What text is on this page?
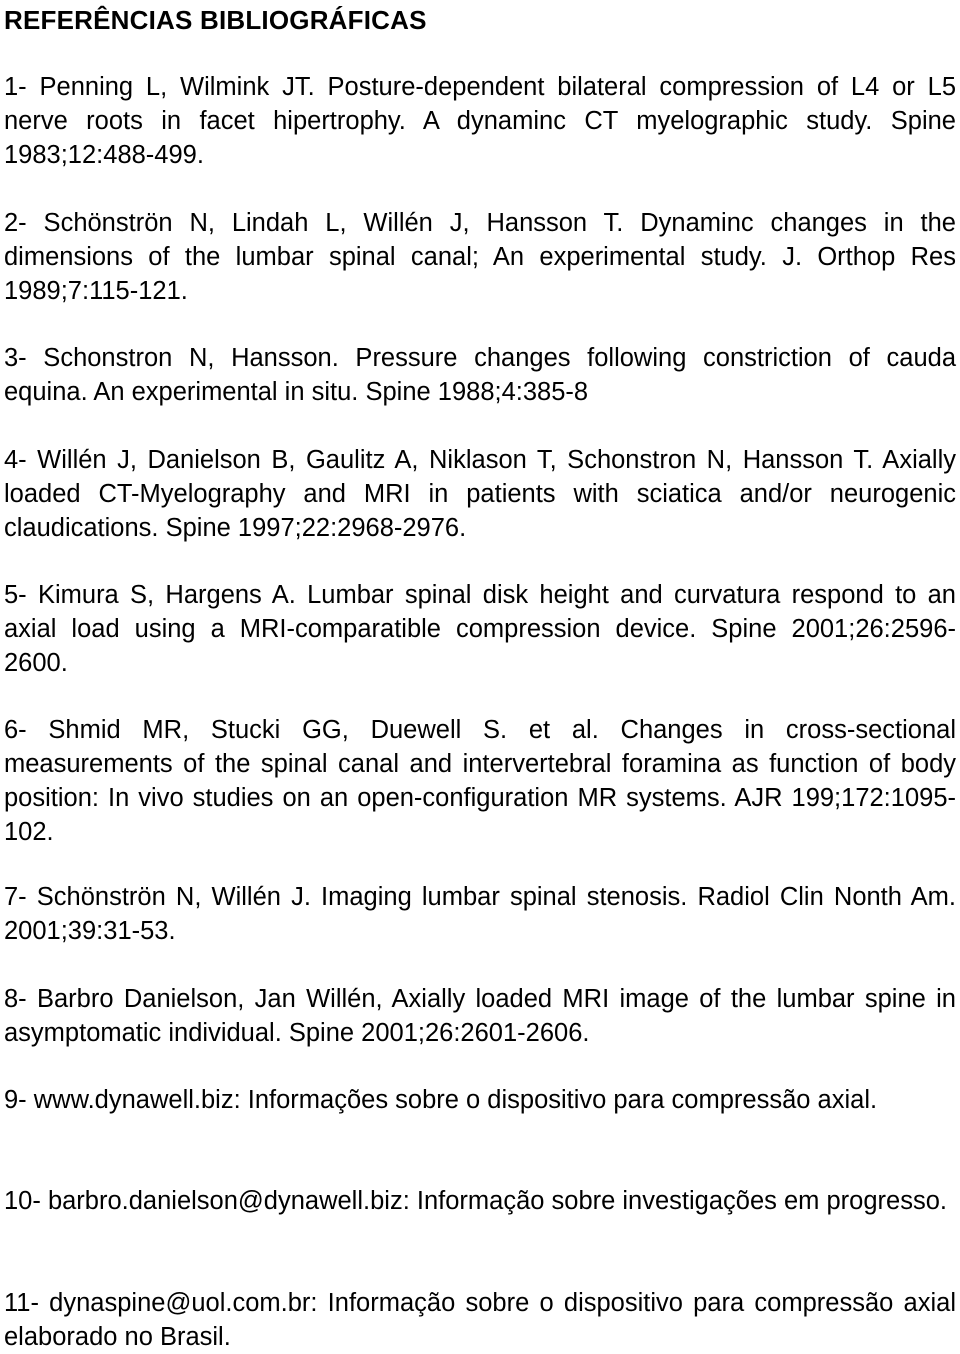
REFERÊNCIAS BIBLIOGRÁFICAS
1- Penning L, Wilmink JT. Posture-dependent bilateral compression of L4 or L5 nerve roots in facet hipertrophy. A dynaminc CT myelographic study. Spine 1983;12:488-499.
2- Schönströn N, Lindah L, Willén J, Hansson T. Dynaminc changes in the dimensions of the lumbar spinal canal; An experimental study. J. Orthop Res 1989;7:115-121.
3- Schonstron N, Hansson. Pressure changes following constriction of cauda equina. An experimental in situ. Spine 1988;4:385-8
4- Willén J, Danielson B, Gaulitz A, Niklason T, Schonstron N, Hansson T. Axially loaded CT-Myelography and MRI in patients with sciatica and/or neurogenic claudications. Spine 1997;22:2968-2976.
5- Kimura S, Hargens A. Lumbar spinal disk height and curvatura respond to an axial load using a MRI-comparatible compression device. Spine 2001;26:2596-2600.
6- Shmid MR, Stucki GG, Duewell S. et al. Changes in cross-sectional measurements of the spinal canal and intervertebral foramina as function of body position: In vivo studies on an open-configuration MR systems. AJR 199;172:1095-102.
7- Schönströn N, Willén J. Imaging lumbar spinal stenosis. Radiol Clin Nonth Am. 2001;39:31-53.
8- Barbro Danielson, Jan Willén, Axially loaded MRI image of the lumbar spine in asymptomatic individual. Spine 2001;26:2601-2606.
9- www.dynawell.biz: Informações sobre o dispositivo para compressão axial.
10- barbro.danielson@dynawell.biz: Informação sobre investigações em progresso.
11- dynaspine@uol.com.br: Informação sobre o dispositivo para compressão axial elaborado no Brasil.
